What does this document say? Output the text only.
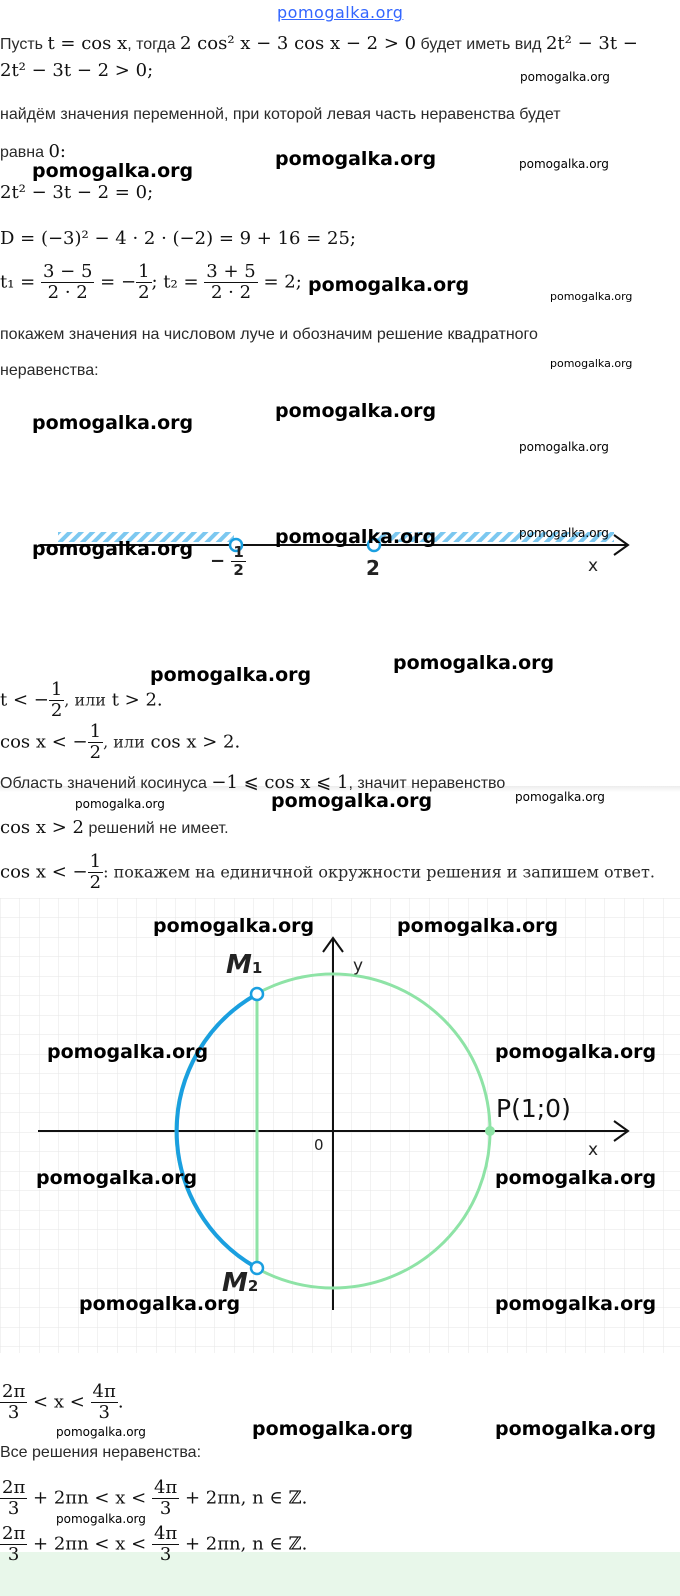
pomogalka.org
Пусть t = cos x, тогда 2 cos² x − 3 cos x − 2 > 0 будет иметь вид 2t² − 3t −
2t² − 3t − 2 > 0;
найдём значения переменной, при которой левая часть неравенства будет
равна 0:
2t² − 3t − 2 = 0;
D = (−3)² − 4 · 2 · (−2) = 9 + 16 = 25;
$t_1 = \frac{3 - 5}{2 \cdot 2}$ = − $\frac{1}{2}$ ; $t_2 = \frac{3 + 5}{2 \cdot 2} = 2$;
покажем значения на числовом луче и обозначим решение квадратного
неравенства:
− $\frac{1}{2}$	2	x
t < − $\frac{1}{2}$ , или t > 2.
cos x < − $\frac{1}{2}$ , или cos x > 2.
Область значений косинуса −1 ⩽ cos x ⩽ 1, значит неравенство
cos x > 2 решений не имеет.
cos x < − $\frac{1}{2}$ : покажем на единичной окружности решения и запишем ответ.
M1
M2
P(1;0)
0	x
y
$\frac{2\pi}{3} < x < \frac{4\pi}{3}$ .
Все решения неравенства:
$\frac{2\pi}{3} + 2\pi n < x < \frac{4\pi}{3} + 2\pi n$, n ∈ ℤ.
$\frac{2\pi}{3} + 2\pi n < x < \frac{4\pi}{3} + 2\pi n$, n ∈ ℤ.
pomogalka.org
pomogalka.org	pomogalka.org
pomogalka.org
pomogalka.org
pomogalka.org
pomogalka.org
pomogalka.org
pomogalka.org
pomogalka.org
pomogalka.org	pomogalka.org
pomogalka.org
pomogalka.org
pomogalka.org
pomogalka.org
pomogalka.org	pomogalka.org
pomogalka.org	pomogalka.org
pomogalka.org	pomogalka.org
pomogalka.org	pomogalka.org
pomogalka.org	pomogalka.org
pomogalka.org	pomogalka.org	pomogalka.org
pomogalka.org
